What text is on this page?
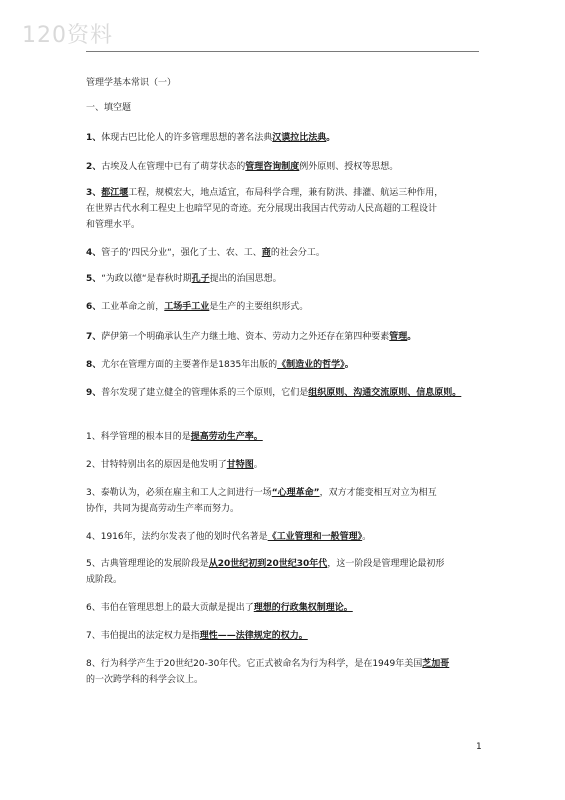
120资料
管理学基本常识（一）
一、填空题
1、体现古巴比伦人的许多管理思想的著名法典汉谟拉比法典。
2、古埃及人在管理中已有了萌芽状态的管理咨询制度例外原则、授权等思想。
3、都江堰工程，规模宏大，地点适宜，布局科学合理，兼有防洪、排灌、航运三种作用，
在世界古代水利工程史上也暗罕见的奇迹。充分展现出我国古代劳动人民高超的工程设计
和管理水平。
4、管子的‘四民分业“，强化了士、农、工、商的社会分工。
5、“为政以德“是春秋时期孔子提出的治国思想。
6、工业革命之前，工场手工业是生产的主要组织形式。
7、萨伊第一个明确承认生产力继土地、资本、劳动力之外还存在第四种要素管理。
8、尤尔在管理方面的主要著作是1835年出版的《制造业的哲学》。
9、普尔发现了建立健全的管理体系的三个原则，它们是组织原则、沟通交流原则、信息原则。
1、科学管理的根本目的是提高劳动生产率。
2、甘特特别出名的原因是他发明了甘特图。
3、泰勒认为，必须在雇主和工人之间进行一场“心理革命”，双方才能变相互对立为相互
协作，共同为提高劳动生产率而努力。
4、1916年，法约尔发表了他的划时代名著是《工业管理和一般管理》。
5、古典管理理论的发展阶段是从20世纪初到20世纪30年代，这一阶段是管理理论最初形
成阶段。
6、韦伯在管理思想上的最大贡献是提出了理想的行政集权制理论。
7、韦伯提出的法定权力是指理性——法律规定的权力。
8、行为科学产生于20世纪20-30年代。它正式被命名为行为科学，是在1949年美国芝加哥
的一次跨学科的科学会议上。
1
